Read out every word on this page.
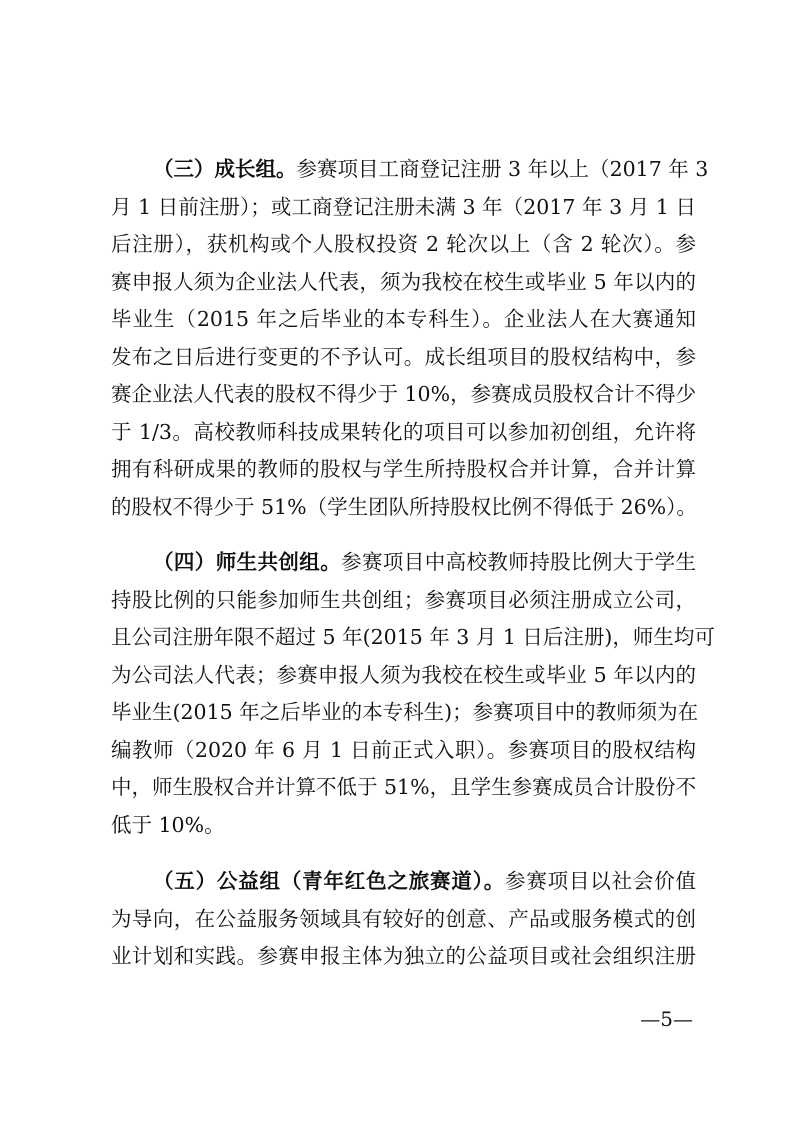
（三）成长组。参赛项目工商登记注册 3 年以上（2017 年 3
月 1 日前注册）；或工商登记注册未满 3 年（2017 年 3 月 1 日
后注册），获机构或个人股权投资 2 轮次以上（含 2 轮次）。参
赛申报人须为企业法人代表，须为我校在校生或毕业 5 年以内的
毕业生（2015 年之后毕业的本专科生）。企业法人在大赛通知
发布之日后进行变更的不予认可。成长组项目的股权结构中，参
赛企业法人代表的股权不得少于 10%，参赛成员股权合计不得少
于 1/3。高校教师科技成果转化的项目可以参加初创组，允许将
拥有科研成果的教师的股权与学生所持股权合并计算，合并计算
的股权不得少于 51%（学生团队所持股权比例不得低于 26%）。
（四）师生共创组。参赛项目中高校教师持股比例大于学生
持股比例的只能参加师生共创组；参赛项目必须注册成立公司，
且公司注册年限不超过 5 年(2015 年 3 月 1 日后注册)，师生均可
为公司法人代表；参赛申报人须为我校在校生或毕业 5 年以内的
毕业生(2015 年之后毕业的本专科生)；参赛项目中的教师须为在
编教师（2020 年 6 月 1 日前正式入职）。参赛项目的股权结构
中，师生股权合并计算不低于 51%，且学生参赛成员合计股份不
低于 10%。
（五）公益组（青年红色之旅赛道）。参赛项目以社会价值
为导向，在公益服务领域具有较好的创意、产品或服务模式的创
业计划和实践。参赛申报主体为独立的公益项目或社会组织注册
—5—
